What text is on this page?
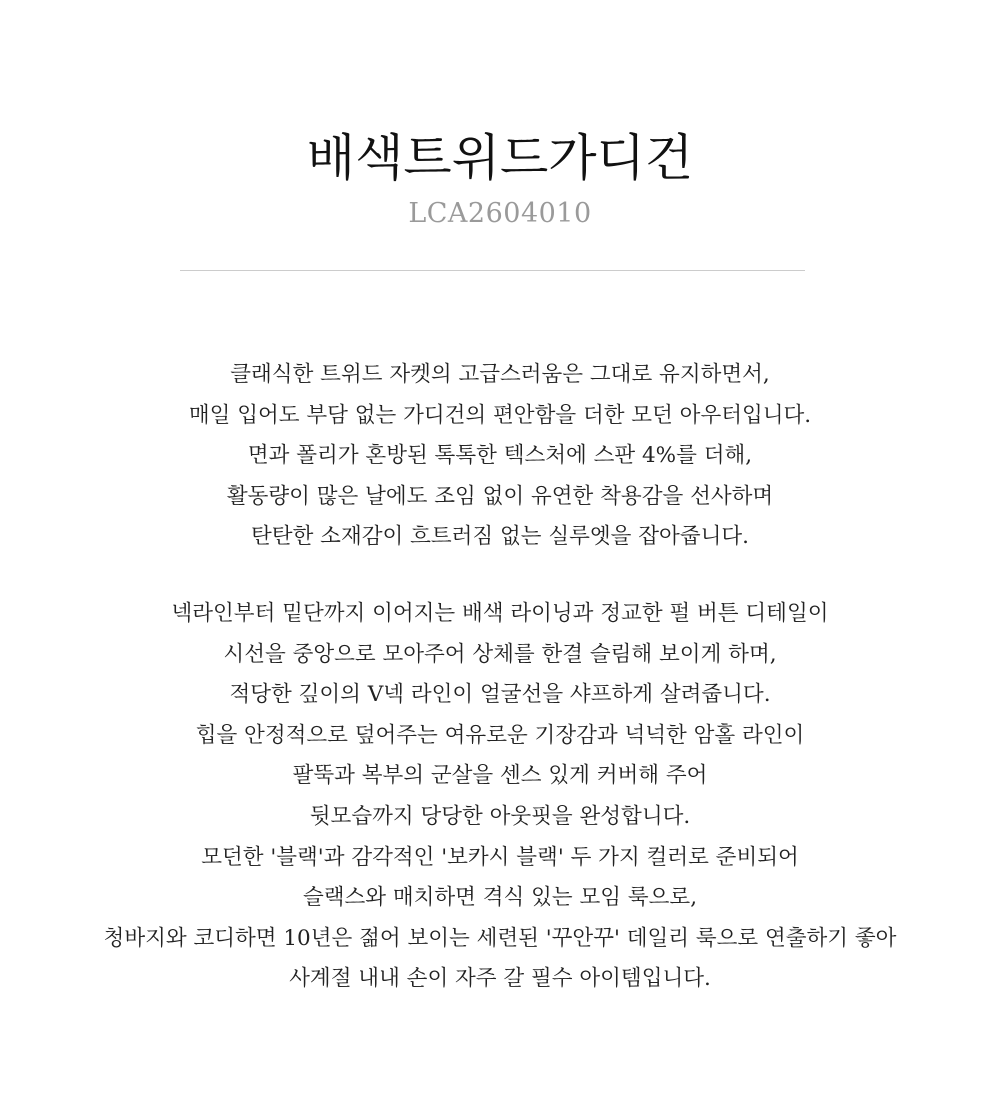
배색트위드가디건
LCA2604010
클래식한 트위드 자켓의 고급스러움은 그대로 유지하면서,
매일 입어도 부담 없는 가디건의 편안함을 더한 모던 아우터입니다.
면과 폴리가 혼방된 톡톡한 텍스처에 스판 4%를 더해,
활동량이 많은 날에도 조임 없이 유연한 착용감을 선사하며
탄탄한 소재감이 흐트러짐 없는 실루엣을 잡아줍니다.
넥라인부터 밑단까지 이어지는 배색 라이닝과 정교한 펄 버튼 디테일이
시선을 중앙으로 모아주어 상체를 한결 슬림해 보이게 하며,
적당한 깊이의 V넥 라인이 얼굴선을 샤프하게 살려줍니다.
힙을 안정적으로 덮어주는 여유로운 기장감과 넉넉한 암홀 라인이
팔뚝과 복부의 군살을 센스 있게 커버해 주어
뒷모습까지 당당한 아웃핏을 완성합니다.
모던한 '블랙'과 감각적인 '보카시 블랙' 두 가지 컬러로 준비되어
슬랙스와 매치하면 격식 있는 모임 룩으로,
청바지와 코디하면 10년은 젊어 보이는 세련된 '꾸안꾸' 데일리 룩으로 연출하기 좋아
사계절 내내 손이 자주 갈 필수 아이템입니다.
